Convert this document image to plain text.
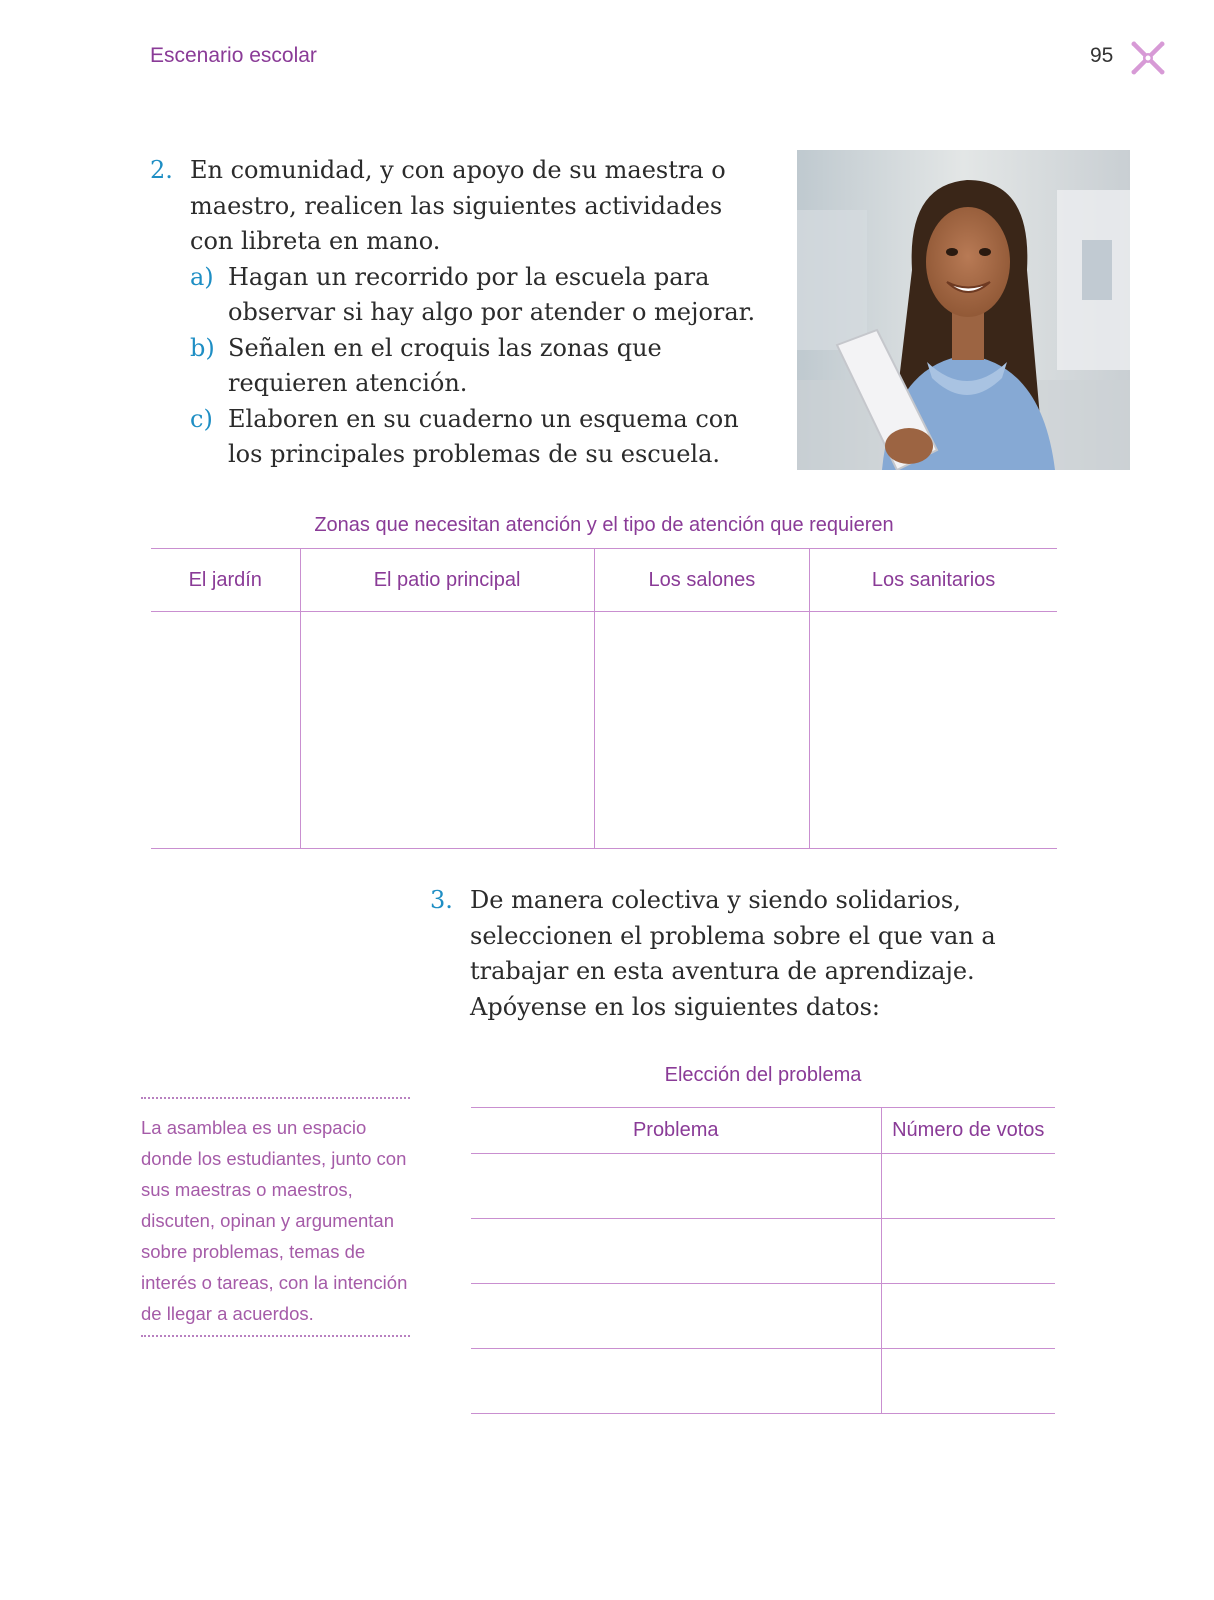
Escenario escolar	95
2. En comunidad, y con apoyo de su maestra o maestro, realicen las siguientes actividades con libreta en mano.
a) Hagan un recorrido por la escuela para observar si hay algo por atender o mejorar.
b) Señalen en el croquis las zonas que requieren atención.
c) Elaboren en su cuaderno un esquema con los principales problemas de su escuela.
Zonas que necesitan atención y el tipo de atención que requieren
El jardín	El patio principal	Los salones	Los sanitarios

3. De manera colectiva y siendo solidarios, seleccionen el problema sobre el que van a trabajar en esta aventura de aprendizaje. Apóyense en los siguientes datos:
Elección del problema
Problema	Número de votos

La asamblea es un espacio donde los estudiantes, junto con sus maestras o maestros, discuten, opinan y argumentan sobre problemas, temas de interés o tareas, con la intención de llegar a acuerdos.
